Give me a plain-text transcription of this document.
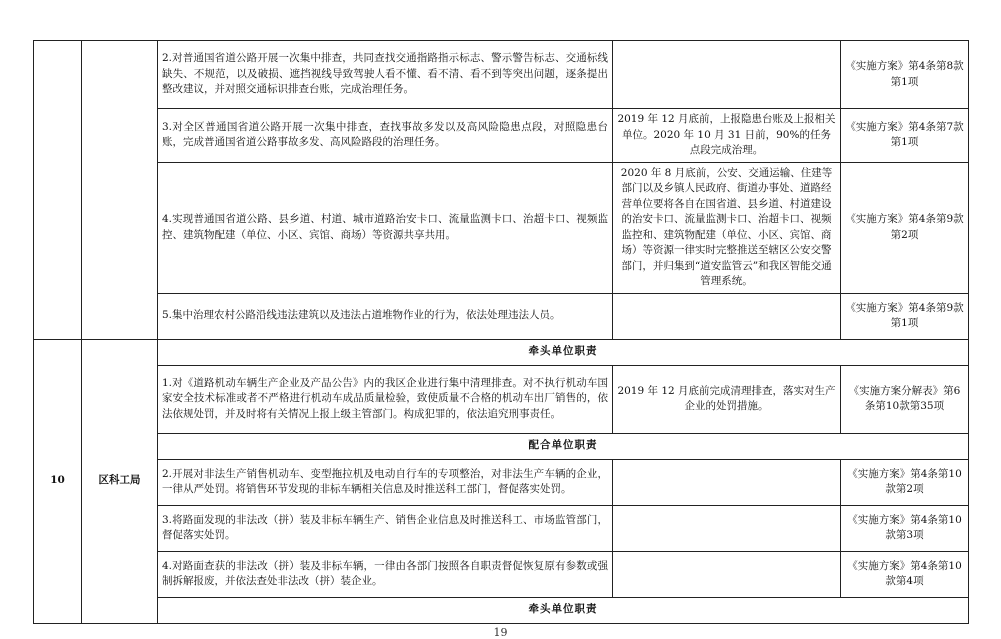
		2.对普通国省道公路开展一次集中排查，共同查找交通指路指示标志、警示警告标志、交通标线缺失、不规范，以及破损、遮挡视线导致驾驶人看不懂、看不清、看不到等突出问题，逐条提出整改建议，并对照交通标识排查台账，完成治理任务。		《实施方案》第4条第8款第1项
		3.对全区普通国省道公路开展一次集中排查，查找事故多发以及高风险隐患点段，对照隐患台账，完成普通国省道公路事故多发、高风险路段的治理任务。	2019 年 12 月底前，上报隐患台账及上报相关单位。2020 年 10 月 31 日前，90%的任务点段完成治理。	《实施方案》第4条第7款第1项
		4.实现普通国省道公路、县乡道、村道、城市道路治安卡口、流量监测卡口、治超卡口、视频监控、建筑物配建（单位、小区、宾馆、商场）等资源共享共用。	2020 年 8 月底前，公安、交通运输、住建等部门以及乡镇人民政府、街道办事处、道路经营单位要将各自在国省道、县乡道、村道建设的治安卡口、流量监测卡口、治超卡口、视频监控和、建筑物配建（单位、小区、宾馆、商场）等资源一律实时完整推送至辖区公安交警部门，并归集到“道安监管云”和我区智能交通管理系统。	《实施方案》第4条第9款第2项
		5.集中治理农村公路沿线违法建筑以及违法占道堆物作业的行为，依法处理违法人员。		《实施方案》第4条第9款第1项
10	区科工局	牵头单位职责		
		1.对《道路机动车辆生产企业及产品公告》内的我区企业进行集中清理排查。对不执行机动车国家安全技术标准或者不严格进行机动车成品质量检验，致使质量不合格的机动车出厂销售的，依法依规处罚，并及时将有关情况上报上级主管部门。构成犯罪的，依法追究刑事责任。	2019 年 12 月底前完成清理排查，落实对生产企业的处罚措施。	《实施方案分解表》第6条第10款第35项
		配合单位职责		
		2.开展对非法生产销售机动车、变型拖拉机及电动自行车的专项整治，对非法生产车辆的企业，一律从严处罚。将销售环节发现的非标车辆相关信息及时推送科工部门，督促落实处罚。		《实施方案》第4条第10款第2项
		3.将路面发现的非法改（拼）装及非标车辆生产、销售企业信息及时推送科工、市场监管部门，督促落实处罚。		《实施方案》第4条第10款第3项
		4.对路面查获的非法改（拼）装及非标车辆，一律由各部门按照各自职责督促恢复原有参数或强制拆解报废，并依法查处非法改（拼）装企业。		《实施方案》第4条第10款第4项
		牵头单位职责		
19
